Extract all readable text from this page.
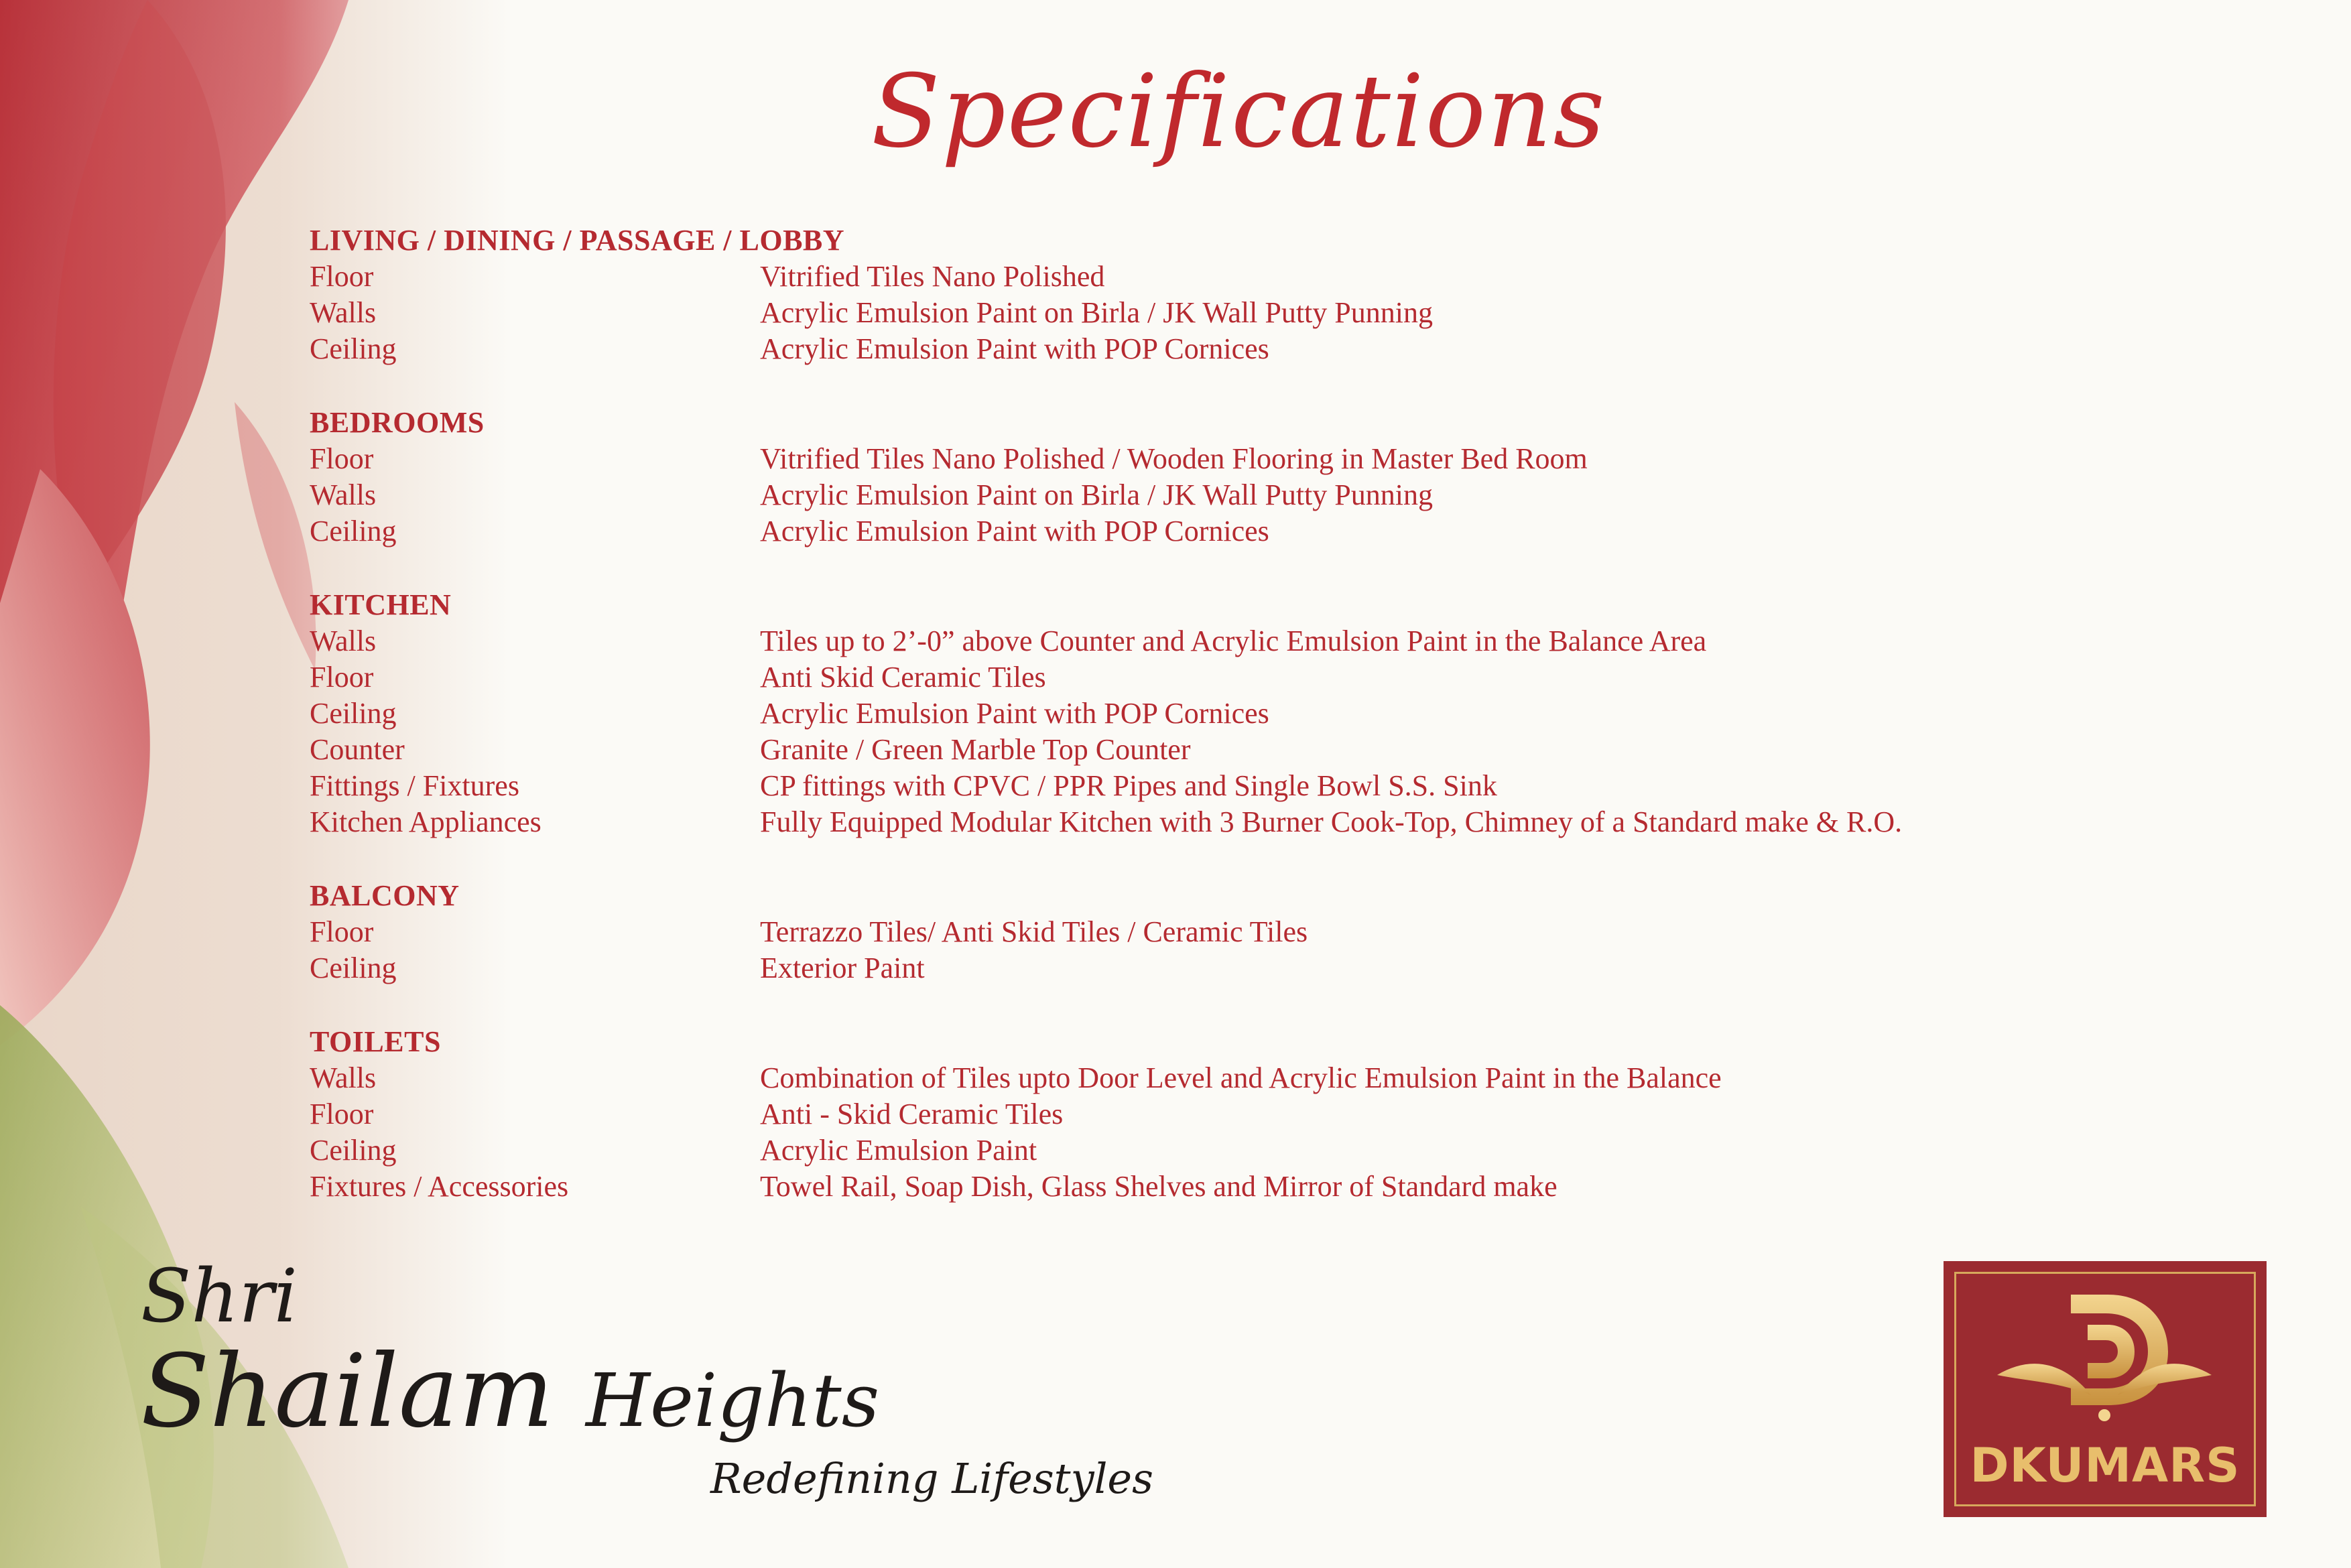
Specifications
LIVING / DINING / PASSAGE / LOBBY
Floor	Vitrified Tiles Nano Polished
Walls	Acrylic Emulsion Paint on Birla / JK Wall Putty Punning
Ceiling	Acrylic Emulsion Paint with POP Cornices
BEDROOMS
Floor	Vitrified Tiles Nano Polished / Wooden Flooring in Master Bed Room
Walls	Acrylic Emulsion Paint on Birla / JK Wall Putty Punning
Ceiling	Acrylic Emulsion Paint with POP Cornices
KITCHEN
Walls	Tiles up to 2’-0” above Counter and Acrylic Emulsion Paint in the Balance Area
Floor	Anti Skid Ceramic Tiles
Ceiling	Acrylic Emulsion Paint with POP Cornices
Counter	Granite / Green Marble Top Counter
Fittings / Fixtures	CP fittings with CPVC / PPR Pipes and Single Bowl S.S. Sink
Kitchen Appliances	Fully Equipped Modular Kitchen with 3 Burner Cook-Top, Chimney of a Standard make & R.O.
BALCONY
Floor	Terrazzo Tiles/ Anti Skid Tiles / Ceramic Tiles
Ceiling	Exterior Paint
TOILETS
Walls	Combination of Tiles upto Door Level and Acrylic Emulsion Paint in the Balance
Floor	Anti - Skid Ceramic Tiles
Ceiling	Acrylic Emulsion Paint
Fixtures / Accessories	Towel Rail, Soap Dish, Glass Shelves and Mirror of Standard make
Shri
Shailam Heights
Redefining Lifestyles	DKUMARS
